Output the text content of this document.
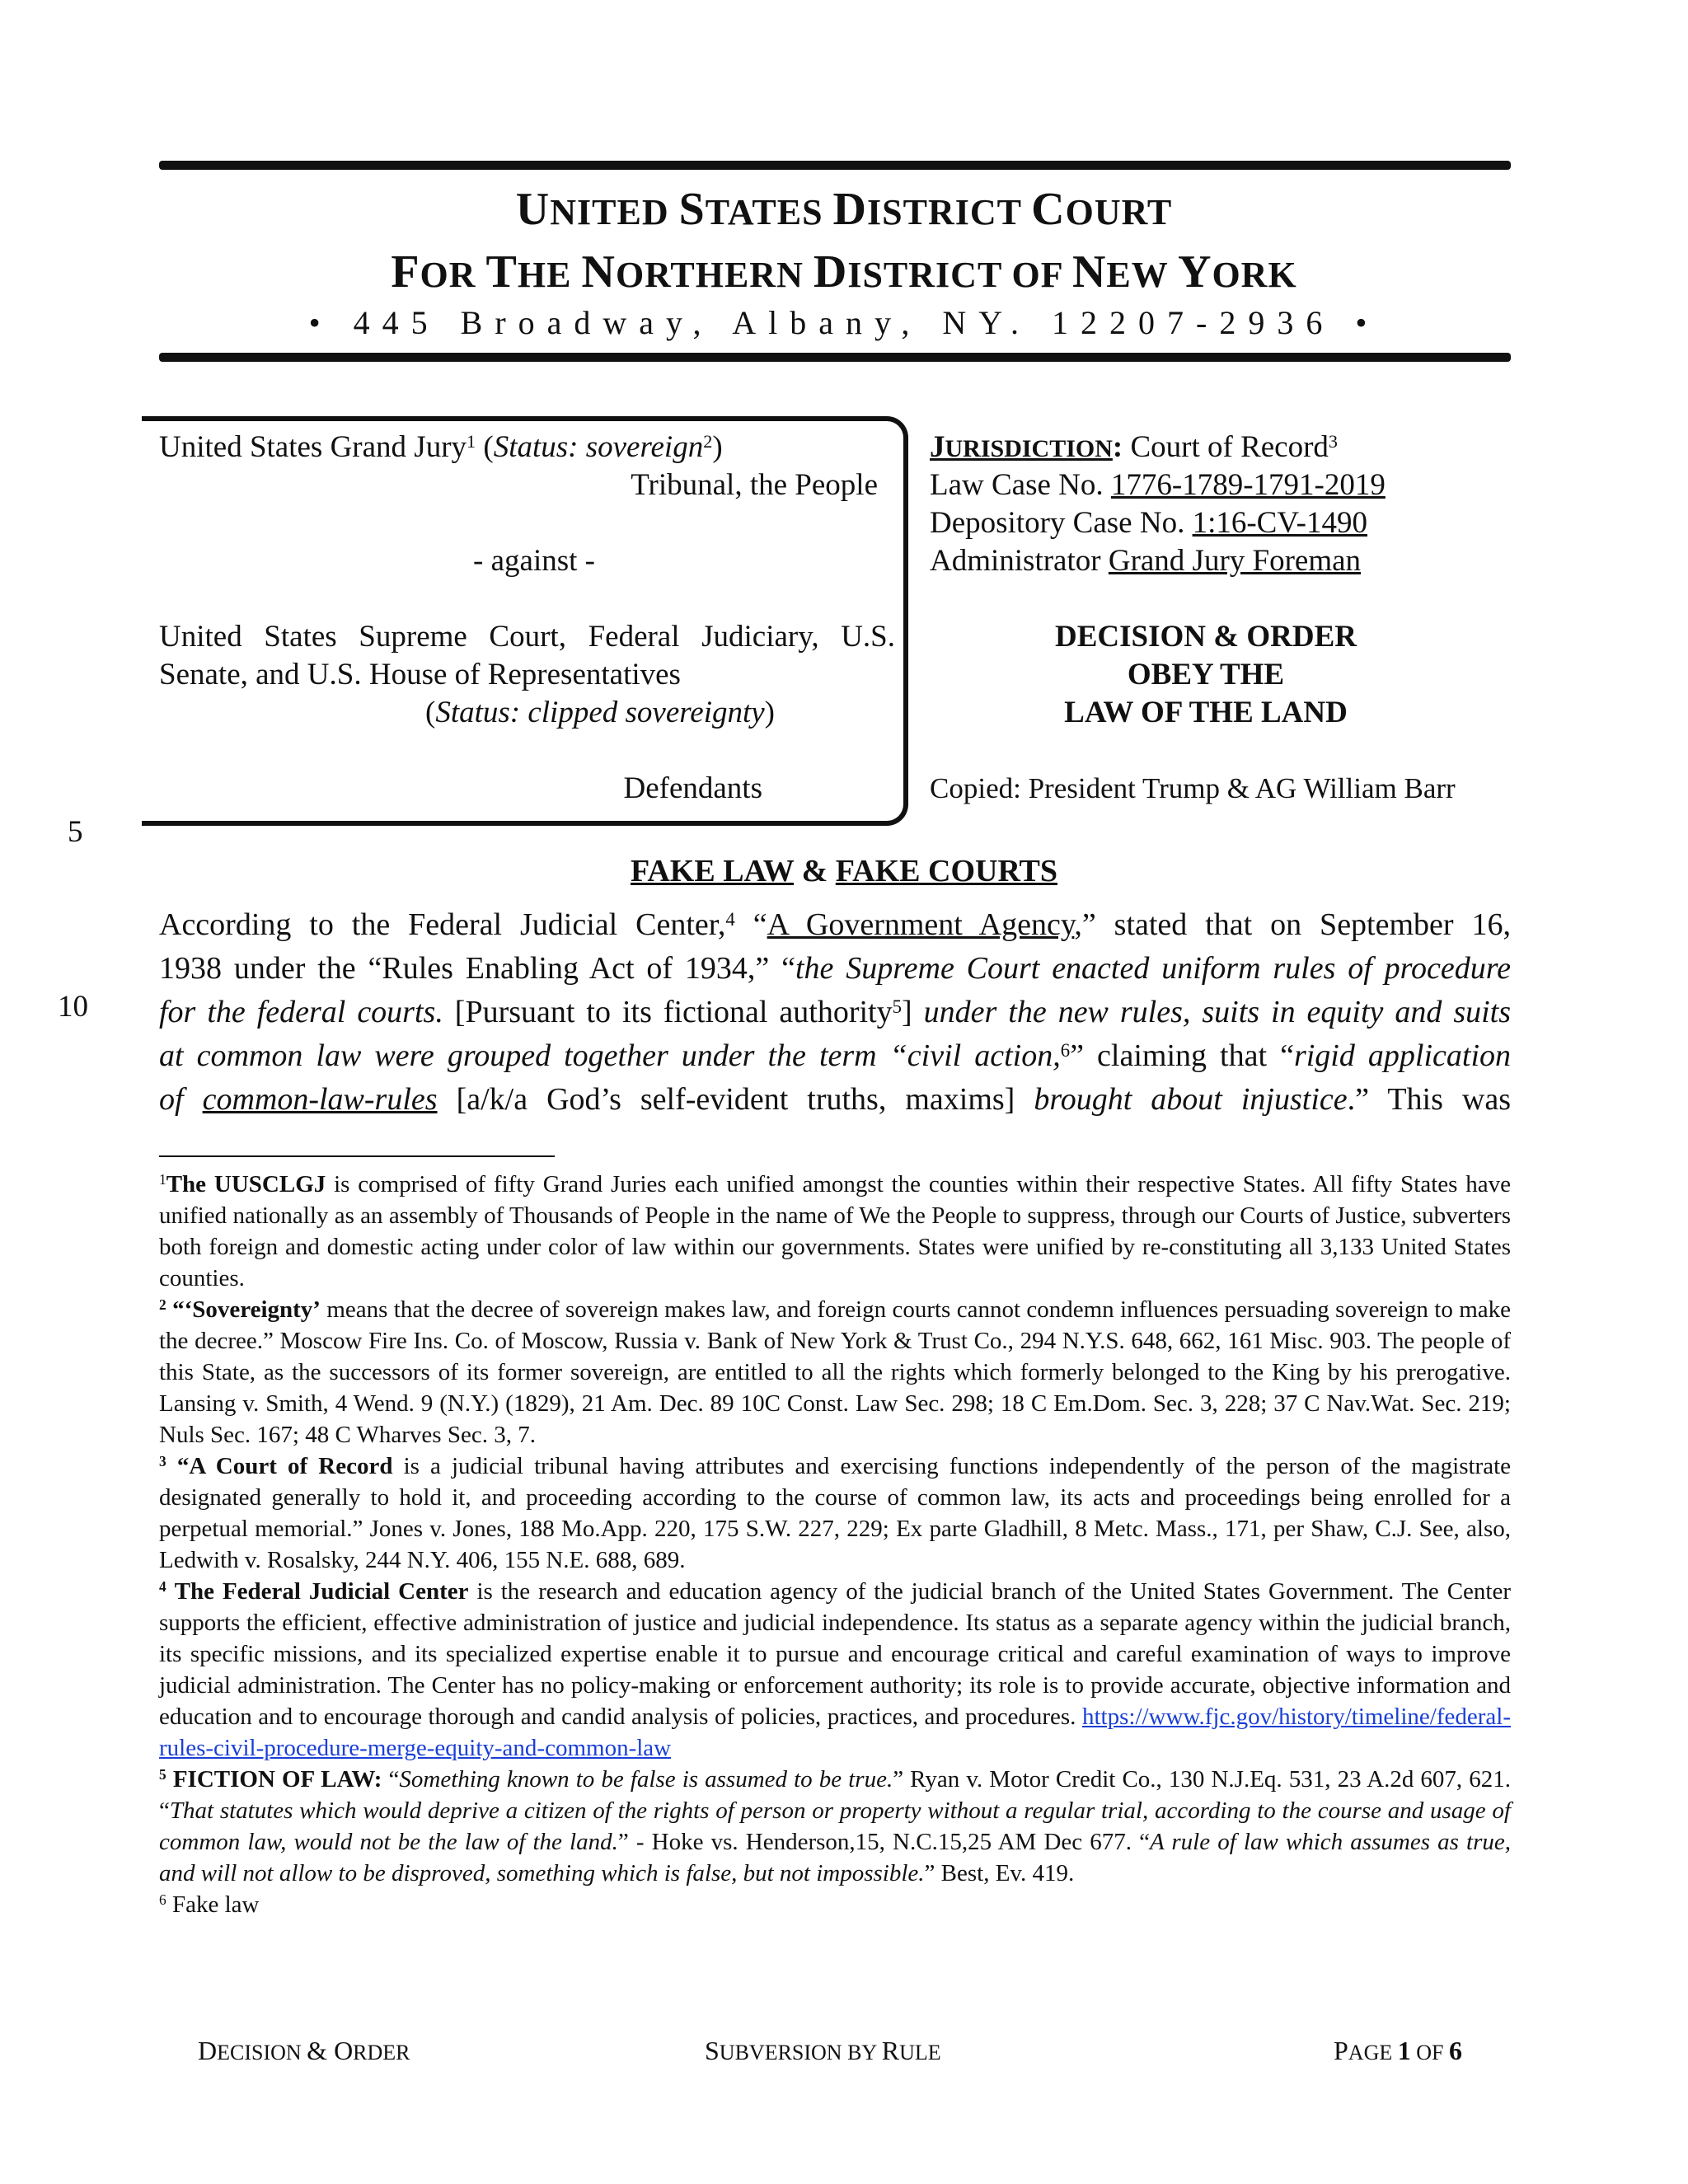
UNITED STATES DISTRICT COURT
FOR THE NORTHERN DISTRICT OF NEW YORK
• 445 Broadway, Albany, NY. 12207-2936 •
United States Grand Jury$^1$ (Status: sovereign$^2$)
Tribunal, the People
- against -
United States Supreme Court, Federal Judiciary, U.S.
Senate, and U.S. House of Representatives
(Status: clipped sovereignty)
Defendants
JURISDICTION: Court of Record$^3$
Law Case No. 1776-1789-1791-2019
Depository Case No. 1:16-CV-1490
Administrator Grand Jury Foreman
DECISION & ORDER
OBEY THE
LAW OF THE LAND
Copied: President Trump & AG William Barr
5
10
FAKE LAW & FAKE COURTS
According to the Federal Judicial Center,$^4$ “A Government Agency,” stated that on September 16,
1938 under the “Rules Enabling Act of 1934,” “the Supreme Court enacted uniform rules of procedure
for the federal courts. [Pursuant to its fictional authority$^5$] under the new rules, suits in equity and suits
at common law were grouped together under the term “civil action,$^6$” claiming that “rigid application
of common-law-rules [a/k/a God’s self-evident truths, maxims] brought about injustice.” This was

$^1$The UUSCLGJ is comprised of fifty Grand Juries each unified amongst the counties within their respective States. All fifty States have unified nationally as an assembly of Thousands of People in the name of We the People to suppress, through our Courts of Justice, subverters both foreign and domestic acting under color of law within our governments. States were unified by re-constituting all 3,133 United States counties.

$^2$ “‘Sovereignty’ means that the decree of sovereign makes law, and foreign courts cannot condemn influences persuading sovereign to make the decree.” Moscow Fire Ins. Co. of Moscow, Russia v. Bank of New York & Trust Co., 294 N.Y.S. 648, 662, 161 Misc. 903. The people of this State, as the successors of its former sovereign, are entitled to all the rights which formerly belonged to the King by his prerogative. Lansing v. Smith, 4 Wend. 9 (N.Y.) (1829), 21 Am. Dec. 89 10C Const. Law Sec. 298; 18 C Em.Dom. Sec. 3, 228; 37 C Nav.Wat. Sec. 219; Nuls Sec. 167; 48 C Wharves Sec. 3, 7.

$^3$ “A Court of Record is a judicial tribunal having attributes and exercising functions independently of the person of the magistrate designated generally to hold it, and proceeding according to the course of common law, its acts and proceedings being enrolled for a perpetual memorial.” Jones v. Jones, 188 Mo.App. 220, 175 S.W. 227, 229; Ex parte Gladhill, 8 Metc. Mass., 171, per Shaw, C.J. See, also, Ledwith v. Rosalsky, 244 N.Y. 406, 155 N.E. 688, 689.

$^4$ The Federal Judicial Center is the research and education agency of the judicial branch of the United States Government. The Center supports the efficient, effective administration of justice and judicial independence. Its status as a separate agency within the judicial branch, its specific missions, and its specialized expertise enable it to pursue and encourage critical and careful examination of ways to improve judicial administration. The Center has no policy-making or enforcement authority; its role is to provide accurate, objective information and education and to encourage thorough and candid analysis of policies, practices, and procedures. https://www.fjc.gov/history/timeline/federal-rules-civil-procedure-merge-equity-and-common-law

$^5$ FICTION OF LAW: “Something known to be false is assumed to be true.” Ryan v. Motor Credit Co., 130 N.J.Eq. 531, 23 A.2d 607, 621. “That statutes which would deprive a citizen of the rights of person or property without a regular trial, according to the course and usage of common law, would not be the law of the land.” - Hoke vs. Henderson,15, N.C.15,25 AM Dec 677. “A rule of law which assumes as true, and will not allow to be disproved, something which is false, but not impossible.” Best, Ev. 419.

$^6$ Fake law

DECISION & ORDER	SUBVERSION BY RULE	PAGE 1 OF 6
